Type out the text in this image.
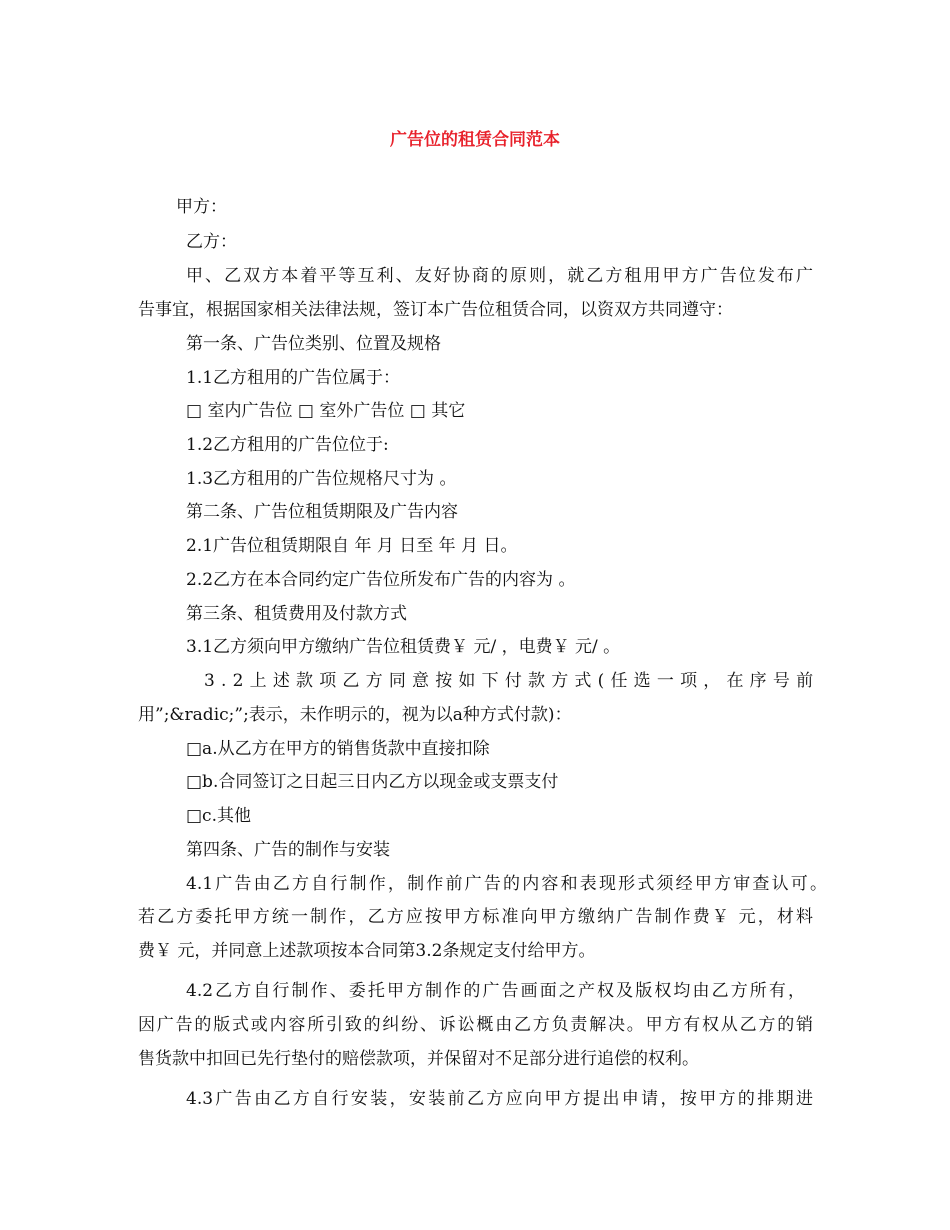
广告位的租赁合同范本
甲方：
乙方：
甲、乙双方本着平等互利、友好协商的原则，就乙方租用甲方广告位发布广
告事宜，根据国家相关法律法规，签订本广告位租赁合同，以资双方共同遵守：
第一条、广告位类别、位置及规格
1.1乙方租用的广告位属于：
□ 室内广告位 □ 室外广告位 □ 其它
1.2乙方租用的广告位位于:
1.3乙方租用的广告位规格尺寸为 。
第二条、广告位租赁期限及广告内容
2.1广告位租赁期限自 年 月 日至 年 月 日。
2.2乙方在本合同约定广告位所发布广告的内容为 。
第三条、租赁费用及付款方式
3.1乙方须向甲方缴纳广告位租赁费￥ 元/ ，电费￥ 元/ 。
3.2上述款项乙方同意按如下付款方式(任选一项，在序号前
用”;&radic;”;表示，未作明示的，视为以a种方式付款)：
□a.从乙方在甲方的销售货款中直接扣除
□b.合同签订之日起三日内乙方以现金或支票支付
□c.其他
第四条、广告的制作与安装
4.1广告由乙方自行制作，制作前广告的内容和表现形式须经甲方审查认可。
若乙方委托甲方统一制作，乙方应按甲方标准向甲方缴纳广告制作费￥ 元，材料
费￥ 元，并同意上述款项按本合同第3.2条规定支付给甲方。
4.2乙方自行制作、委托甲方制作的广告画面之产权及版权均由乙方所有，
因广告的版式或内容所引致的纠纷、诉讼概由乙方负责解决。甲方有权从乙方的销
售货款中扣回已先行垫付的赔偿款项，并保留对不足部分进行追偿的权利。
4.3广告由乙方自行安装，安装前乙方应向甲方提出申请，按甲方的排期进
